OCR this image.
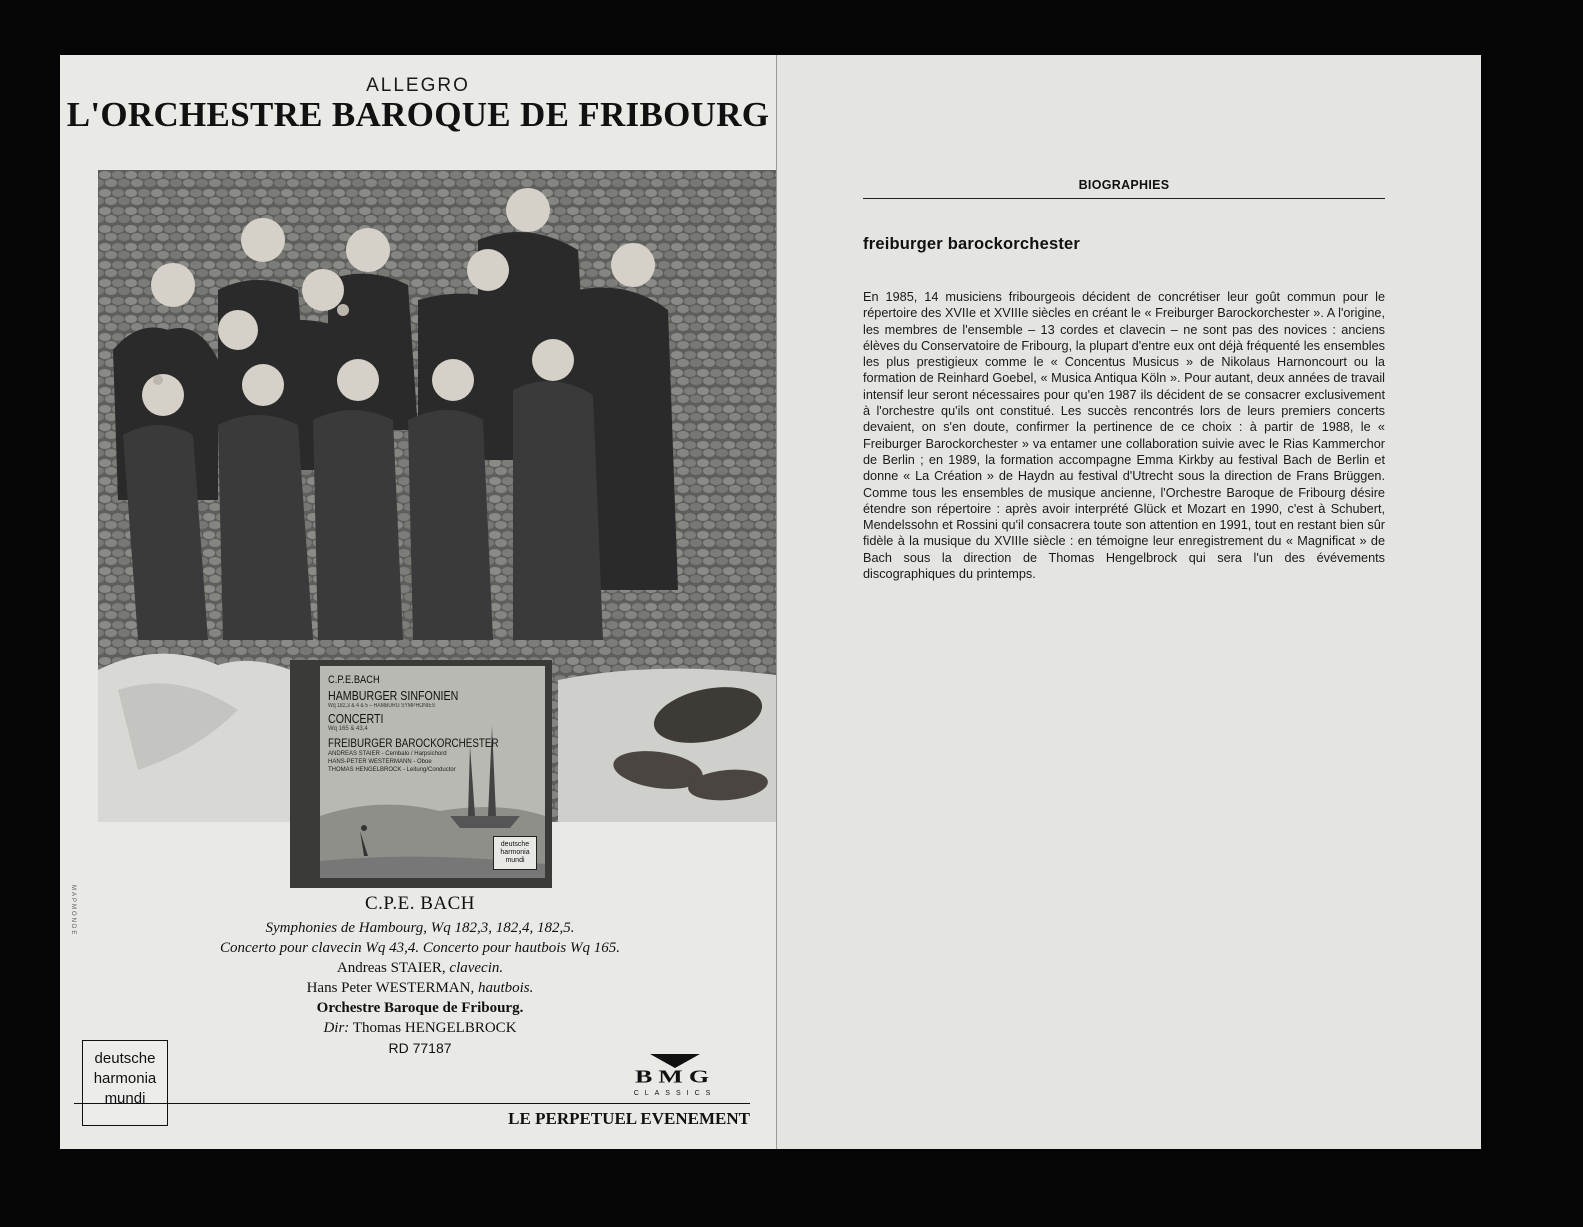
ALLEGRO
L'ORCHESTRE BAROQUE DE FRIBOURG
C.P.E.BACH
HAMBURGER SINFONIEN
Wq 182,3 & 4 & 5 – HAMBURG SYMPHONIES
CONCERTI
Wq 165 & 43,4
FREIBURGER BAROCKORCHESTER
ANDREAS STAIER - Cembalo / Harpsichord
HANS-PETER WESTERMANN - Oboe
THOMAS HENGELBROCK - Leitung/Conductor
deutsche harmonia mundi
C.P.E. BACH
Symphonies de Hambourg, Wq 182,3, 182,4, 182,5.
Concerto pour clavecin Wq 43,4. Concerto pour hautbois Wq 165.
Andreas STAIER, clavecin.
Hans Peter WESTERMAN, hautbois.
Orchestre Baroque de Fribourg.
Dir: Thomas HENGELBROCK
RD 77187
MAPMONDE
deutsche
harmonia
mundi
BMG
CLASSICS
LE PERPETUEL EVENEMENT
BIOGRAPHIES
freiburger barockorchester
En 1985, 14 musiciens fribourgeois décident de concrétiser leur goût commun pour le répertoire des XVIIe et XVIIIe siècles en créant le « Freiburger Barockorchester ». A l'origine, les membres de l'ensemble – 13 cordes et clavecin – ne sont pas des novices : anciens élèves du Conservatoire de Fribourg, la plupart d'entre eux ont déjà fréquenté les ensembles les plus prestigieux comme le « Concentus Musicus » de Nikolaus Harnoncourt ou la formation de Reinhard Goebel, « Musica Antiqua Köln ». Pour autant, deux années de travail intensif leur seront nécessaires pour qu'en 1987 ils décident de se consacrer exclusivement à l'orchestre qu'ils ont constitué. Les succès rencontrés lors de leurs premiers concerts devaient, on s'en doute, confirmer la pertinence de ce choix : à partir de 1988, le « Freiburger Barockorchester » va entamer une collaboration suivie avec le Rias Kammerchor de Berlin ; en 1989, la formation accompagne Emma Kirkby au festival Bach de Berlin et donne « La Création » de Haydn au festival d'Utrecht sous la direction de Frans Brüggen. Comme tous les ensembles de musique ancienne, l'Orchestre Baroque de Fribourg désire étendre son répertoire : après avoir interprété Glück et Mozart en 1990, c'est à Schubert, Mendelssohn et Rossini qu'il consacrera toute son attention en 1991, tout en restant bien sûr fidèle à la musique du XVIIIe siècle : en témoigne leur enregistrement du « Magnificat » de Bach sous la direction de Thomas Hengelbrock qui sera l'un des évévements discographiques du printemps.
